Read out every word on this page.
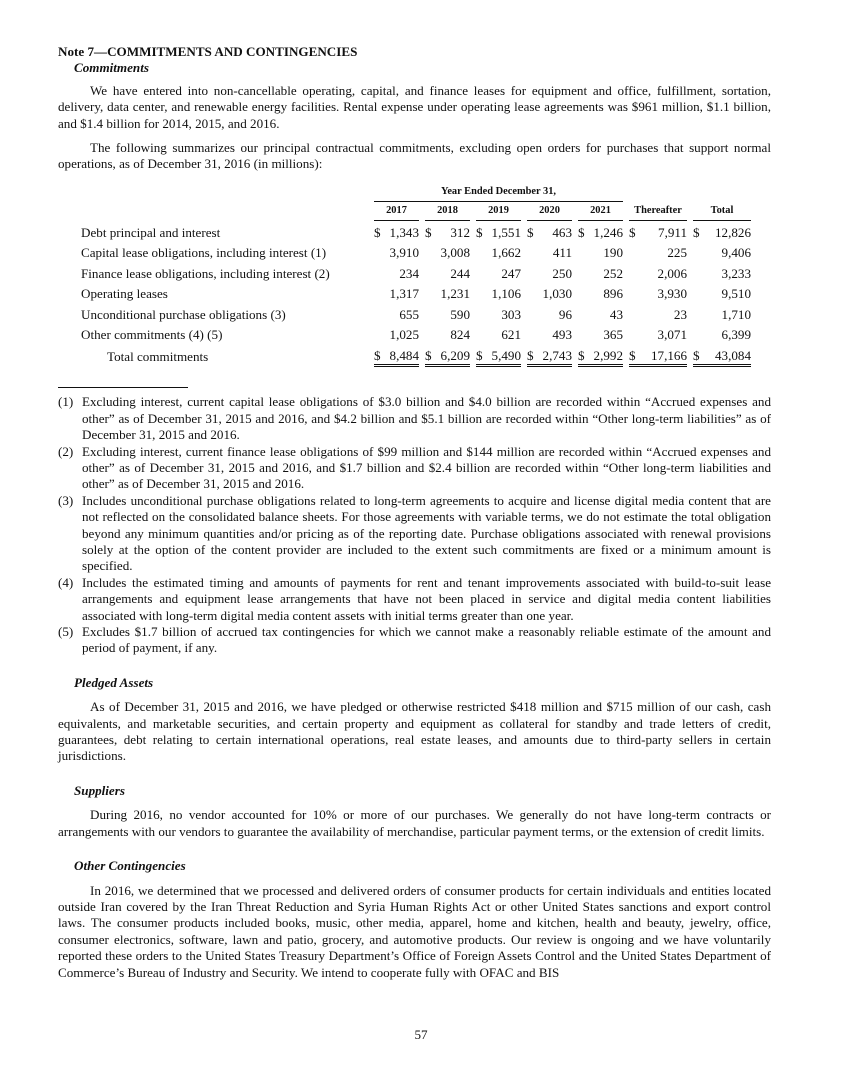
Note 7—COMMITMENTS AND CONTINGENCIES

Commitments

We have entered into non-cancellable operating, capital, and finance leases for equipment and office, fulfillment, sortation, delivery, data center, and renewable energy facilities. Rental expense under operating lease agreements was $961 million, $1.1 billion, and $1.4 billion for 2014, 2015, and 2016.

The following summarizes our principal contractual commitments, excluding open orders for purchases that support normal operations, as of December 31, 2016 (in millions):

	Year Ended December 31,																			
	2017			2018			2019			2020			2021			Thereafter			Total	
Debt principal and interest	$	1,343		$	312		$	1,551		$	463		$	1,246		$	7,911		$	12,826
Capital lease obligations, including interest (1)		3,910			3,008			1,662			411			190			225			9,406
Finance lease obligations, including interest (2)		234			244			247			250			252			2,006			3,233
Operating leases		1,317			1,231			1,106			1,030			896			3,930			9,510
Unconditional purchase obligations (3)		655			590			303			96			43			23			1,710
Other commitments (4) (5)		1,025			824			621			493			365			3,071			6,399
Total commitments	$	8,484		$	6,209		$	5,490		$	2,743		$	2,992		$	17,166		$	43,084
(1) Excluding interest, current capital lease obligations of $3.0 billion and $4.0 billion are recorded within “Accrued expenses and other” as of December 31, 2015 and 2016, and $4.2 billion and $5.1 billion are recorded within “Other long-term liabilities” as of December 31, 2015 and 2016.
(2) Excluding interest, current finance lease obligations of $99 million and $144 million are recorded within “Accrued expenses and other” as of December 31, 2015 and 2016, and $1.7 billion and $2.4 billion are recorded within “Other long-term liabilities and other” as of December 31, 2015 and 2016.
(3) Includes unconditional purchase obligations related to long-term agreements to acquire and license digital media content that are not reflected on the consolidated balance sheets. For those agreements with variable terms, we do not estimate the total obligation beyond any minimum quantities and/or pricing as of the reporting date. Purchase obligations associated with renewal provisions solely at the option of the content provider are included to the extent such commitments are fixed or a minimum amount is specified.
(4) Includes the estimated timing and amounts of payments for rent and tenant improvements associated with build-to-suit lease arrangements and equipment lease arrangements that have not been placed in service and digital media content liabilities associated with long-term digital media content assets with initial terms greater than one year.
(5) Excludes $1.7 billion of accrued tax contingencies for which we cannot make a reasonably reliable estimate of the amount and period of payment, if any.

Pledged Assets

As of December 31, 2015 and 2016, we have pledged or otherwise restricted $418 million and $715 million of our cash, cash equivalents, and marketable securities, and certain property and equipment as collateral for standby and trade letters of credit, guarantees, debt relating to certain international operations, real estate leases, and amounts due to third-party sellers in certain jurisdictions.

Suppliers

During 2016, no vendor accounted for 10% or more of our purchases. We generally do not have long-term contracts or arrangements with our vendors to guarantee the availability of merchandise, particular payment terms, or the extension of credit limits.

Other Contingencies

In 2016, we determined that we processed and delivered orders of consumer products for certain individuals and entities located outside Iran covered by the Iran Threat Reduction and Syria Human Rights Act or other United States sanctions and export control laws. The consumer products included books, music, other media, apparel, home and kitchen, health and beauty, jewelry, office, consumer electronics, software, lawn and patio, grocery, and automotive products. Our review is ongoing and we have voluntarily reported these orders to the United States Treasury Department’s Office of Foreign Assets Control and the United States Department of Commerce’s Bureau of Industry and Security. We intend to cooperate fully with OFAC and BIS

57
